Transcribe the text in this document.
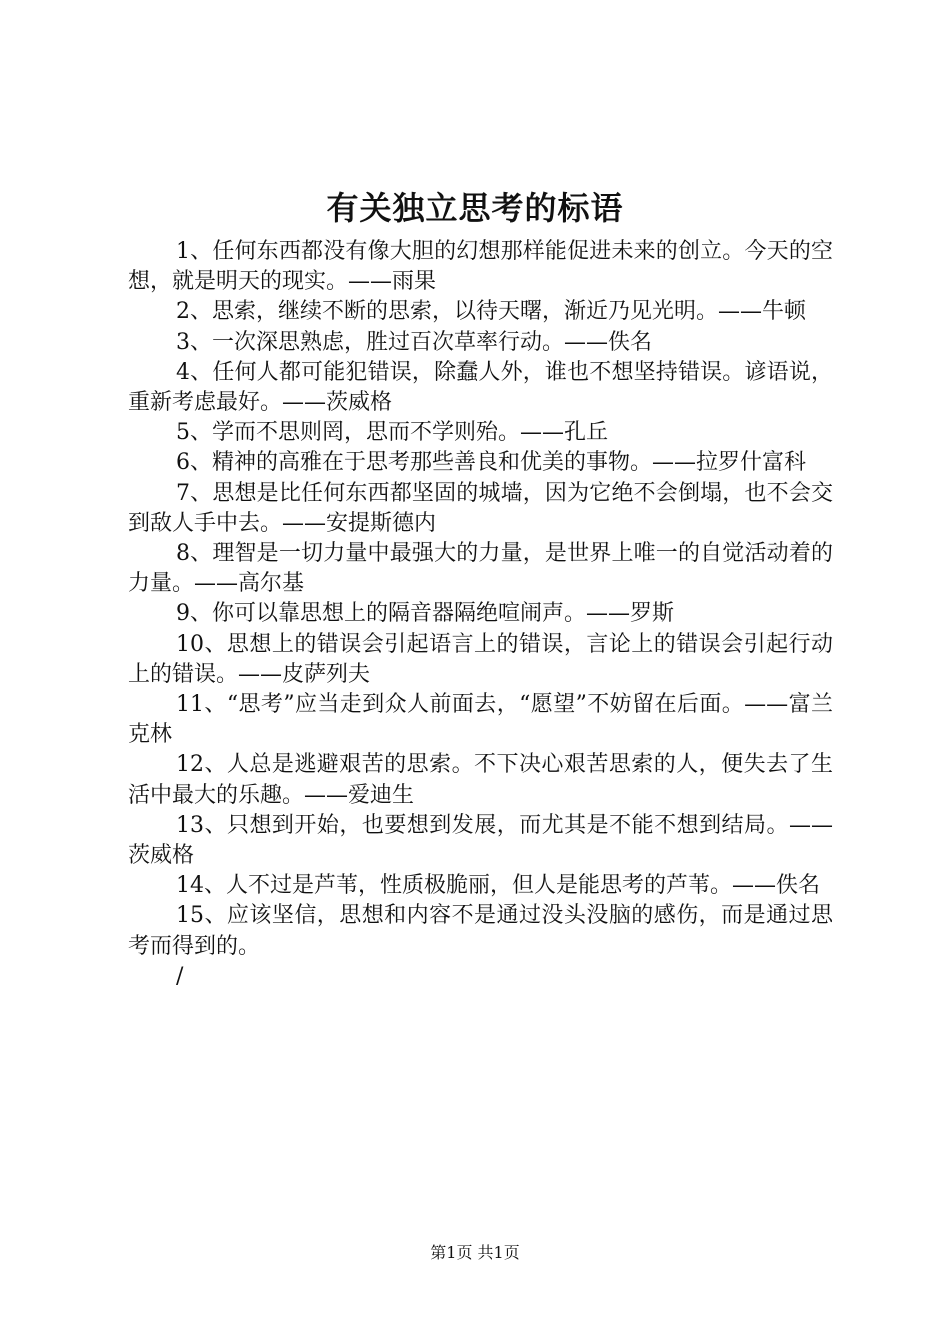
有关独立思考的标语

1、任何东西都没有像大胆的幻想那样能促进未来的创立。今天的空想，就是明天的现实。——雨果

2、思索，继续不断的思索，以待天曙，渐近乃见光明。——牛顿

3、一次深思熟虑，胜过百次草率行动。——佚名

4、任何人都可能犯错误，除蠢人外，谁也不想坚持错误。谚语说，重新考虑最好。——茨威格

5、学而不思则罔，思而不学则殆。——孔丘

6、精神的高雅在于思考那些善良和优美的事物。——拉罗什富科

7、思想是比任何东西都坚固的城墙，因为它绝不会倒塌，也不会交到敌人手中去。——安提斯德内

8、理智是一切力量中最强大的力量，是世界上唯一的自觉活动着的力量。——高尔基

9、你可以靠思想上的隔音器隔绝喧闹声。——罗斯

10、思想上的错误会引起语言上的错误，言论上的错误会引起行动上的错误。——皮萨列夫

11、“思考”应当走到众人前面去，“愿望”不妨留在后面。——富兰克林

12、人总是逃避艰苦的思索。不下决心艰苦思索的人，便失去了生活中最大的乐趣。——爱迪生

13、只想到开始，也要想到发展，而尤其是不能不想到结局。——茨威格

14、人不过是芦苇，性质极脆丽，但人是能思考的芦苇。——佚名

15、应该坚信，思想和内容不是通过没头没脑的感伤，而是通过思考而得到的。

/

第1页 共1页
